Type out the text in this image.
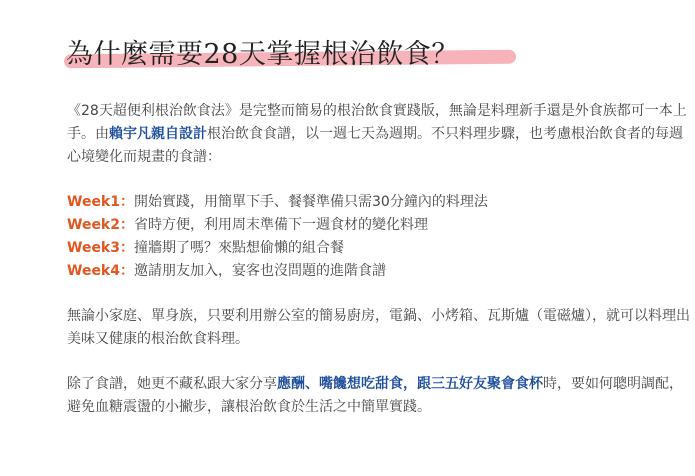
為什麼需要28天掌握根治飲食？

《28天超便利根治飲食法》是完整而簡易的根治飲食實踐版，無論是料理新手還是外食族都可一本上手。由賴宇凡親自設計根治飲食食譜，以一週七天為週期。不只料理步驟，也考慮根治飲食者的每週心境變化而規畫的食譜：

Week1：開始實踐，用簡單下手、餐餐準備只需30分鐘內的料理法

Week2：省時方便，利用周末準備下一週食材的變化料理

Week3：撞牆期了嗎？來點想偷懶的組合餐

Week4：邀請朋友加入，宴客也沒問題的進階食譜

無論小家庭、單身族，只要利用辦公室的簡易廚房，電鍋、小烤箱、瓦斯爐（電磁爐），就可以料理出美味又健康的根治飲食料理。

除了食譜，她更不藏私跟大家分享應酬、嘴饞想吃甜食，跟三五好友聚會食杯時，要如何聰明調配，避免血糖震盪的小撇步，讓根治飲食於生活之中簡單實踐。
